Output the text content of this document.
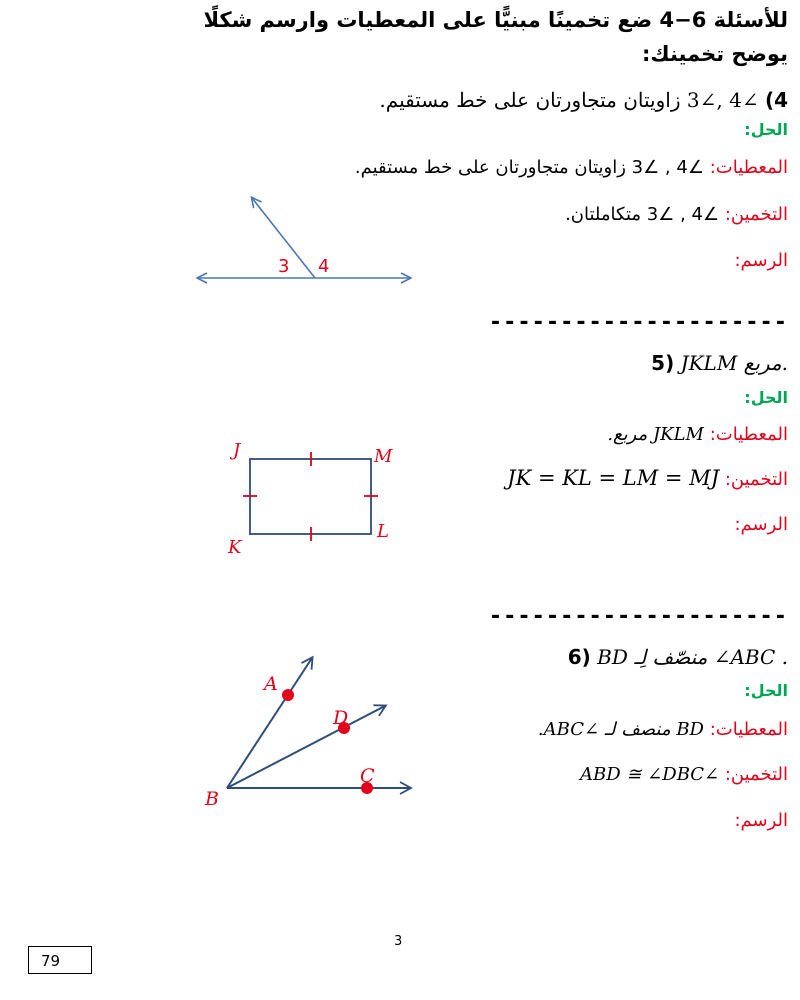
للأسئلة 6−4 ضع تخمينًا مبنيًّا على المعطيات وارسم شكلًا
يوضح تخمينك:
4) ∠4 ,∠3 زاويتان متجاورتان على خط مستقيم.
الحل:
المعطيات: ∠4 , ∠3 زاويتان متجاورتان على خط مستقيم.
التخمين: ∠4 , ∠3 متكاملتان.
الرسم:
3 4
---------------------
5) JKLM مربع.
الحل:
المعطيات: JKLM مربع.
التخمين: JK = KL = LM = MJ
الرسم:
J	M
K
L
---------------------
6) BD منصّف لِـ ∠ABC .
الحل:
المعطيات: BD منصف لـ ∠ABC.
التخمين: ∠ABD ≅ ∠DBC
الرسم:
A
D
C
B
3
79
